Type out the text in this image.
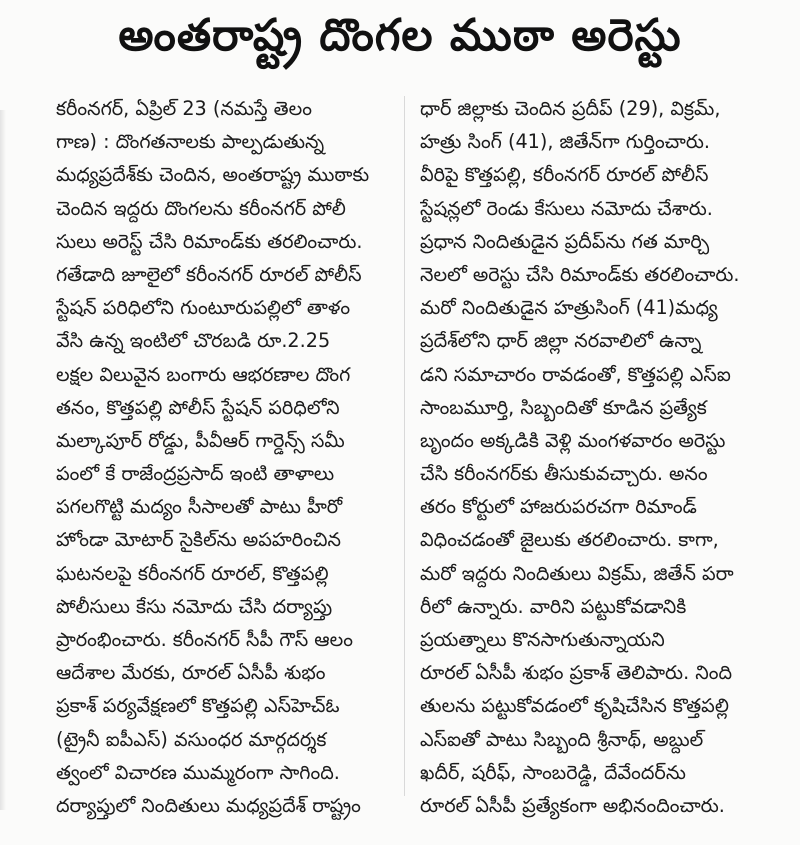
అంతరాష్ట్ర దొంగల ముఠా అరెస్టు
కరీంనగర్, ఏప్రిల్ 23 (నమస్తే తెలం
గాణ) : దొంగతనాలకు పాల్పడుతున్న
మధ్యప్రదేశ్‌కు చెందిన, అంతరాష్ట్ర ముఠాకు
చెందిన ఇద్దరు దొంగలను కరీంనగర్ పోలీ
సులు అరెస్ట్ చేసి రిమాండ్‌కు తరలించారు.
గతేడాది జూలైలో కరీంనగర్ రూరల్ పోలీస్
స్టేషన్ పరిధిలోని గుంటూరుపల్లిలో తాళం
వేసి ఉన్న ఇంటిలో చొరబడి రూ.2.25
లక్షల విలువైన బంగారు ఆభరణాల దొంగ
తనం, కొత్తపల్లి పోలీస్ స్టేషన్ పరిధిలోని
మల్కాపూర్ రోడ్డు, పీవీఆర్ గార్డెన్స్ సమీ
పంలో కే రాజేంద్రప్రసాద్ ఇంటి తాళాలు
పగలగొట్టి మద్యం సీసాలతో పాటు హీరో
హోండా మోటార్ సైకిల్‌ను అపహరించిన
ఘటనలపై కరీంనగర్ రూరల్, కొత్తపల్లి
పోలీసులు కేసు నమోదు చేసి దర్యాప్తు
ప్రారంభించారు. కరీంనగర్ సీపీ గౌస్ ఆలం
ఆదేశాల మేరకు, రూరల్ ఏసీపీ శుభం
ప్రకాశ్ పర్యవేక్షణలో కొత్తపల్లి ఎస్‌హెచ్ఓ
(ట్రైనీ ఐపీఎస్) వసుంధర మార్గదర్శక
త్వంలో విచారణ ముమ్మరంగా సాగింది.
దర్యాప్తులో నిందితులు మధ్యప్రదేశ్ రాష్ట్రం
ధార్ జిల్లాకు చెందిన ప్రదీప్ (29), విక్రమ్,
హత్రు సింగ్ (41), జితేన్‌గా గుర్తించారు.
వీరిపై కొత్తపల్లి, కరీంనగర్ రూరల్ పోలీస్
స్టేషన్లలో రెండు కేసులు నమోదు చేశారు.
ప్రధాన నిందితుడైన ప్రదీప్‌ను గత మార్చి
నెలలో అరెస్టు చేసి రిమాండ్‌కు తరలించారు.
మరో నిందితుడైన హత్రుసింగ్ (41)మధ్య
ప్రదేశ్‌లోని ధార్ జిల్లా నరవాలిలో ఉన్నా
డని సమాచారం రావడంతో, కొత్తపల్లి ఎస్ఐ
సాంబమూర్తి, సిబ్బందితో కూడిన ప్రత్యేక
బృందం అక్కడికి వెళ్లి మంగళవారం అరెస్టు
చేసి కరీంనగర్‌కు తీసుకువచ్చారు. అనం
తరం కోర్టులో హాజరుపరచగా రిమాండ్
విధించడంతో జైలుకు తరలించారు. కాగా,
మరో ఇద్దరు నిందితులు విక్రమ్, జితేన్ పరా
రీలో ఉన్నారు. వారిని పట్టుకోవడానికి
ప్రయత్నాలు కొనసాగుతున్నాయని
రూరల్ ఏసీపీ శుభం ప్రకాశ్ తెలిపారు. నింది
తులను పట్టుకోవడంలో కృషిచేసిన కొత్తపల్లి
ఎస్ఐతో పాటు సిబ్బంది శ్రీనాథ్, అబ్దుల్
ఖదీర్, షరీఫ్, సాంబరెడ్డి, దేవేందర్‌ను
రూరల్ ఏసీపీ ప్రత్యేకంగా అభినందించారు.
